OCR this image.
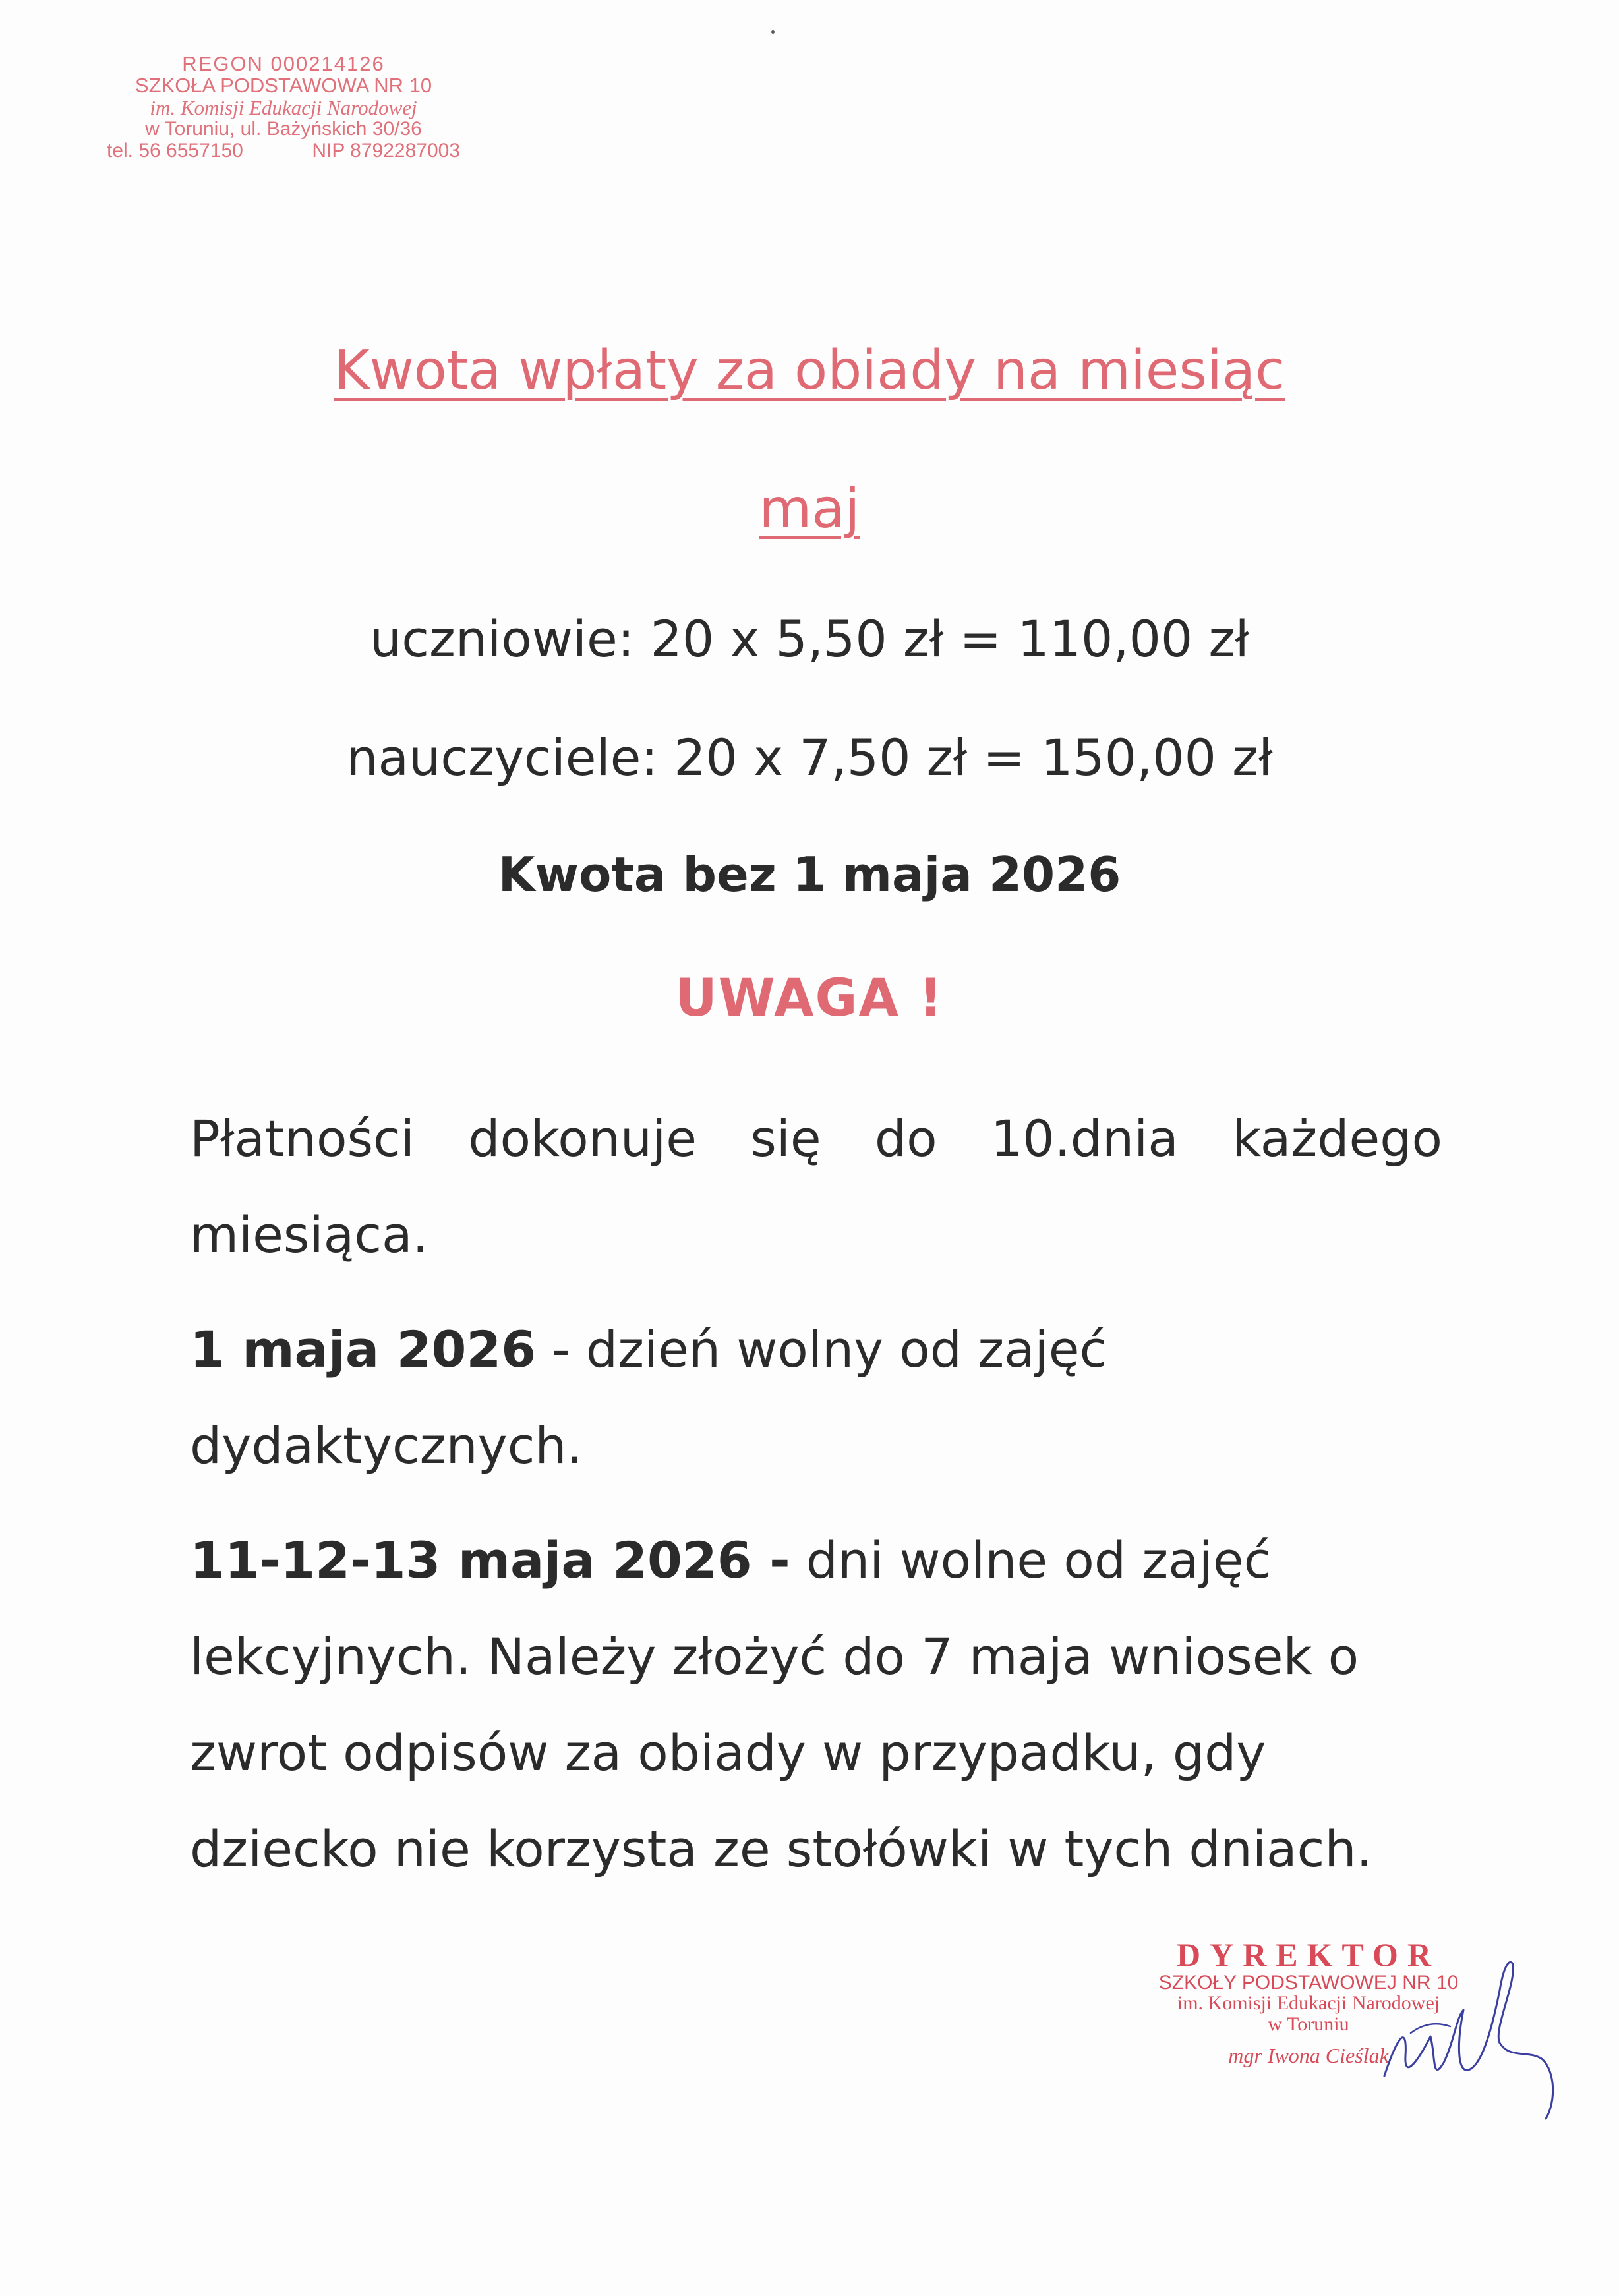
REGON 000214126
SZKOŁA PODSTAWOWA NR 10
im. Komisji Edukacji Narodowej
w Toruniu, ul. Bażyńskich 30/36
tel. 56 6557150	NIP 8792287003
Kwota wpłaty za obiady na miesiąc
maj
uczniowie: 20 x 5,50 zł = 110,00 zł
nauczyciele: 20 x 7,50 zł = 150,00 zł
Kwota bez 1 maja 2026
UWAGA !
Płatności dokonuje się do 10.dnia każdego miesiąca.
1 maja 2026 - dzień wolny od zajęć dydaktycznych.
11-12-13 maja 2026 - dni wolne od zajęć lekcyjnych. Należy złożyć do 7 maja wniosek o zwrot odpisów za obiady w przypadku, gdy dziecko nie korzysta ze stołówki w tych dniach.
DYREKTOR
SZKOŁY PODSTAWOWEJ NR 10
im. Komisji Edukacji Narodowej
w Toruniu
mgr Iwona Cieślak
